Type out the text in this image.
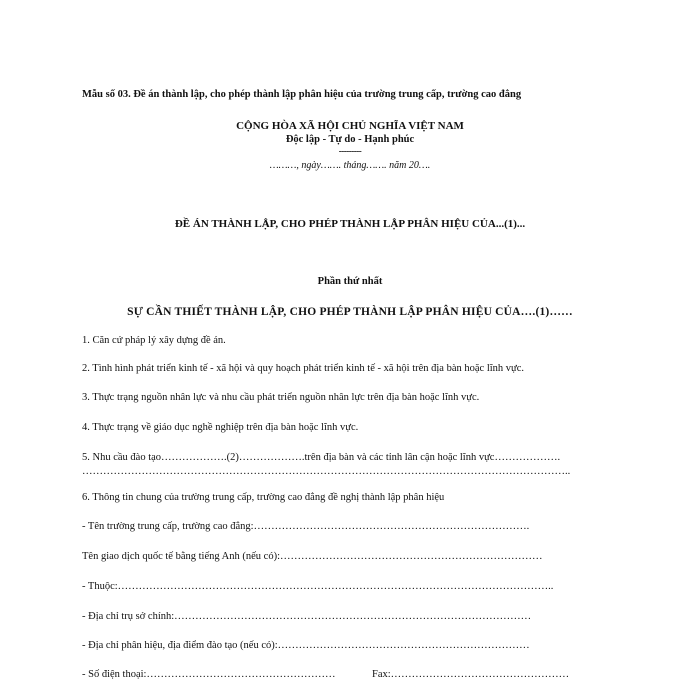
Mẫu số 03. Đề án thành lập, cho phép thành lập phân hiệu của trường trung cấp, trường cao đẳng
CỘNG HÒA XÃ HỘI CHỦ NGHĨA VIỆT NAM
Độc lập - Tự do - Hạnh phúc
---------
………, ngày……. tháng……. năm 20….
ĐỀ ÁN THÀNH LẬP, CHO PHÉP THÀNH LẬP PHÂN HIỆU CỦA...(1)...
Phần thứ nhất
SỰ CẦN THIẾT THÀNH LẬP, CHO PHÉP THÀNH LẬP PHÂN HIỆU CỦA….(1)……
1. Căn cứ pháp lý xây dựng đề án.
2. Tình hình phát triển kinh tế - xã hội và quy hoạch phát triển kinh tế - xã hội trên địa bàn hoặc lĩnh vực.
3. Thực trạng nguồn nhân lực và nhu cầu phát triển nguồn nhân lực trên địa bàn hoặc lĩnh vực.
4. Thực trạng về giáo dục nghề nghiệp trên địa bàn hoặc lĩnh vực.
5. Nhu cầu đào tạo……………….(2)……………….trên địa bàn và các tỉnh lân cận hoặc lĩnh vực……………….
…………………………………………………………………………………………………………………………..
6. Thông tin chung của trường trung cấp, trường cao đẳng đề nghị thành lập phân hiệu
- Tên trường trung cấp, trường cao đẳng:…………………………………………………………………….
Tên giao dịch quốc tế bằng tiếng Anh (nếu có):…………………………………………………………………
- Thuộc:……………………………………………………………………………………………………………..
- Địa chỉ trụ sở chính:…………………………………………………………………………………………
- Địa chỉ phân hiệu, địa điểm đào tạo (nếu có):………………………………………………………………
- Số điện thoại:………………………………………………	Fax:……………………………………………
